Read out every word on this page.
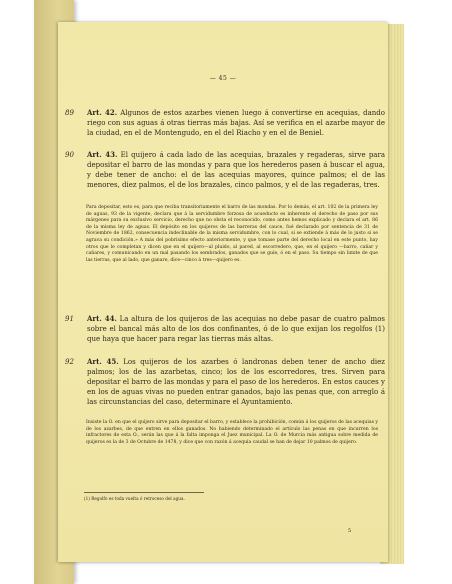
— 45 —
89 Art. 42. Algunos de estos azarbes vienen luego á convertirse en acequias, dando riego con sus aguas á otras tierras más bajas. Así se verifica en el azarbe mayor de la ciudad, en el de Montengudo, en el del Riacho y en el de Beniel.
90 Art. 43. El quijero á cada lado de las acequias, brazales y regaderas, sirve para depositar el barro de las mondas y para que los herederos pasen á buscar el agua, y debe tener de ancho: el de las acequias mayores, quince palmos; el de las menores, diez palmos, el de los brazales, cinco palmos, y el de las regaderas, tres.
Para depositar, esto es, para que reciba transitoriamente el barro de las mondas. Por lo demás, el art. 102 de la primera ley de aguas, 93 de la vigente, declara que á la servidumbre forzosa de acueducto es inherente el derecho de paso por sus márgenes para su exclusivo servicio, derecho que no obsta el reconocido, como antes hemos explicado y declara el art. 86 de la misma ley de aguas. El depósito en los quijeros de las barreras del cauce, fué declarado por sentencia de 31 de Noviembre de 1862, consecuencia indeclinable de la misma servidumbre, con lo cual, si se extiende á más de lo justo si se agrava su condición.» A más del pobrísimo efecto anteriormente, y que tomase parte del derecho local en este punto, hay otros que le completan y dicen que en el quijero—al pluido, al pared, al escorredero, que, en el quijero —barro, cañar y cañares, y comunicando en un mal pasando los sembrados, ganados que se guíe, ó en el paso. Su tiempo sin limite de que las tierras, que al lado, que ganare, dice—cinco á tres—quijero es.
91 Art. 44. La altura de los quijeros de las acequias no debe pasar de cuatro palmos sobre el bancal más alto de los dos confinantes, ó de lo que exijan los regolfos (1) que haya que hacer para regar las tierras más altas.
92 Art. 45. Los quijeros de los azarbes ó landronas deben tener de ancho diez palmos; los de las azarbetas, cinco; los de los escorredores, tres. Sirven para depositar el barro de las mondas y para el paso de los herederos. En estos cauces y en los de aguas vivas no pueden entrar ganados, bajo las penas que, con arreglo á las circunstancias del caso, determinare el Ayuntamiento.
Insiste la O. en que el quijero sirve para depositar el barro, y establece la prohibición, común á los quijeros de las acequias y de los azarbes, de que entren en ellos ganados. No habiendo determinado el artículo las penas en que incurren los infractores de esta O., serán las que á la falta imponga el Juez municipal. La O. de Murcia más antigua sobre medida de quijeros es la de 3 de Octubre de 1478, y dice que con razón á acequia caudal se han de dejar 10 palmos de quijero.
(1) Regolfo es toda vuelta ó retroceso del agua.
5
